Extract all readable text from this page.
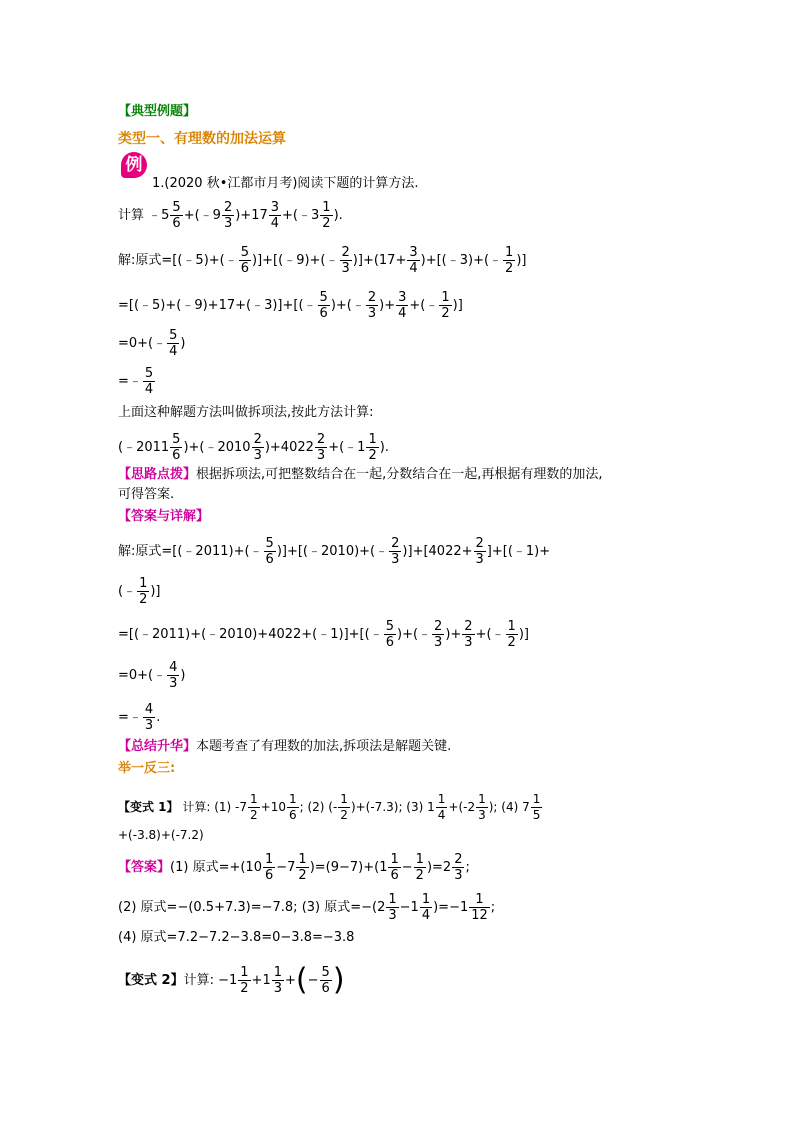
【典型例题】
类型一、有理数的加法运算
例
1.(2020 秋•江都市月考)阅读下题的计算方法.
计算 ﹣5 $\frac{5}{6}$ +(﹣9 $\frac{2}{3} )+17 \frac{3}{4}$ +(﹣3 $\frac{1}{2}$ ).
解:原式=[(﹣5)+(﹣ $\frac{5}{6}$ )]+[(﹣9)+(﹣ $\frac{2}{3} )]+(17+ \frac{3}{4}$ )+[(﹣3)+(﹣ $\frac{1}{2}$ )]
=[(﹣5)+(﹣9)+17+(﹣3)]+[(﹣ $\frac{5}{6}$ )+(﹣ $\frac{2}{3}$ )+ $\frac{3}{4}$ +(﹣ $\frac{1}{2}$ )]
=0+(﹣ $\frac{5}{4}$ )
=﹣ $\frac{5}{4}$
上面这种解题方法叫做拆项法,按此方法计算:
(﹣2011 $\frac{5}{6}$ )+(﹣2010 $\frac{2}{3} )+4022 \frac{2}{3}$ +(﹣1 $\frac{1}{2}$ ).
【思路点拨】根据拆项法,可把整数结合在一起,分数结合在一起,再根据有理数的加法,
可得答案.
【答案与详解】
解:原式=[(﹣2011)+(﹣ $\frac{5}{6}$ )]+[(﹣2010)+(﹣ $\frac{2}{3} )]+[4022+ \frac{2}{3}$ ]+[(﹣1)+
(﹣ $\frac{1}{2}$ )]
=[(﹣2011)+(﹣2010)+4022+(﹣1)]+[(﹣ $\frac{5}{6}$ )+(﹣ $\frac{2}{3}$ )+ $\frac{2}{3}$ +(﹣ $\frac{1}{2}$ )]
=0+(﹣ $\frac{4}{3}$ )
=﹣ $\frac{4}{3}$ .
【总结升华】本题考查了有理数的加法,拆项法是解题关键.
举一反三:
【变式 1】 计算: (1) $-7 \frac{1}{2} +10 \frac{1}{6}$ ; (2) (- $\frac{1}{2} )+(-7.3)$; (3) $1 \frac{1}{4} +(-2 \frac{1}{3}$ ); (4) $7 \frac{1}{5}$
+(-3.8)+(-7.2)
【答案】(1) 原式$=+(10 \frac{1}{6} -7 \frac{1}{2} )=(9-7)+(1 \frac{1}{6} - \frac{1}{2} )=2 \frac{2}{3}$ ;
(2) 原式=−(0.5+7.3)=−7.8; (3) 原式$=-(2 \frac{1}{3} -1 \frac{1}{4} )=-1 \frac{1}{12}$ ;
(4) 原式=7.2−7.2−3.8=0−3.8=−3.8
【变式 2】计算: $-1 \frac{1}{2} +1 \frac{1}{3}$ +(− $\frac{5}{6}$ )
